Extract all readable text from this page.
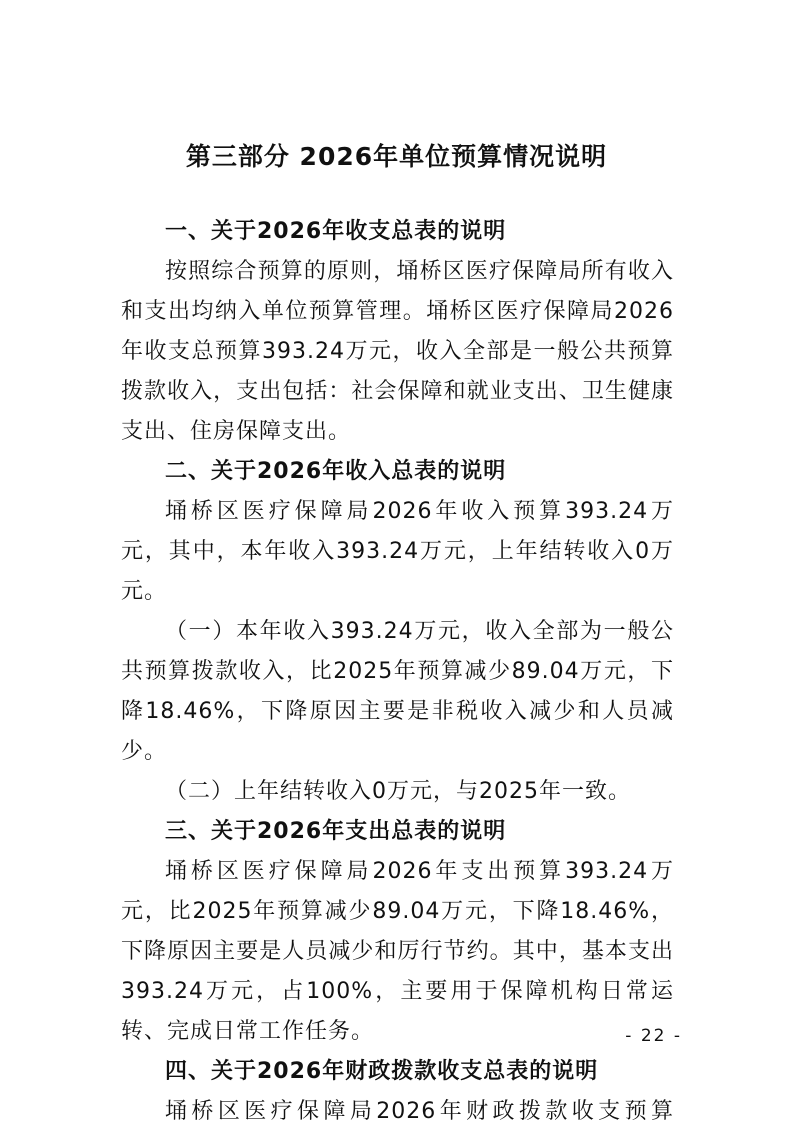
第三部分 2026年单位预算情况说明
一、关于2026年收支总表的说明

按照综合预算的原则，埇桥区医疗保障局所有收入和支出均纳入单位预算管理。埇桥区医疗保障局2026年收支总预算393.24万元，收入全部是一般公共预算拨款收入，支出包括：社会保障和就业支出、卫生健康支出、住房保障支出。

二、关于2026年收入总表的说明

埇桥区医疗保障局2026年收入预算393.24万元，其中，本年收入393.24万元，上年结转收入0万元。

（一）本年收入393.24万元，收入全部为一般公共预算拨款收入，比2025年预算减少89.04万元，下降18.46%，下降原因主要是非税收入减少和人员减少。

（二）上年结转收入0万元，与2025年一致。

三、关于2026年支出总表的说明

埇桥区医疗保障局2026年支出预算393.24万元，比2025年预算减少89.04万元，下降18.46%，下降原因主要是人员减少和厉行节约。其中，基本支出393.24万元，占100%，主要用于保障机构日常运转、完成日常工作任务。

四、关于2026年财政拨款收支总表的说明

埇桥区医疗保障局2026年财政拨款收支预算

- 22 -
